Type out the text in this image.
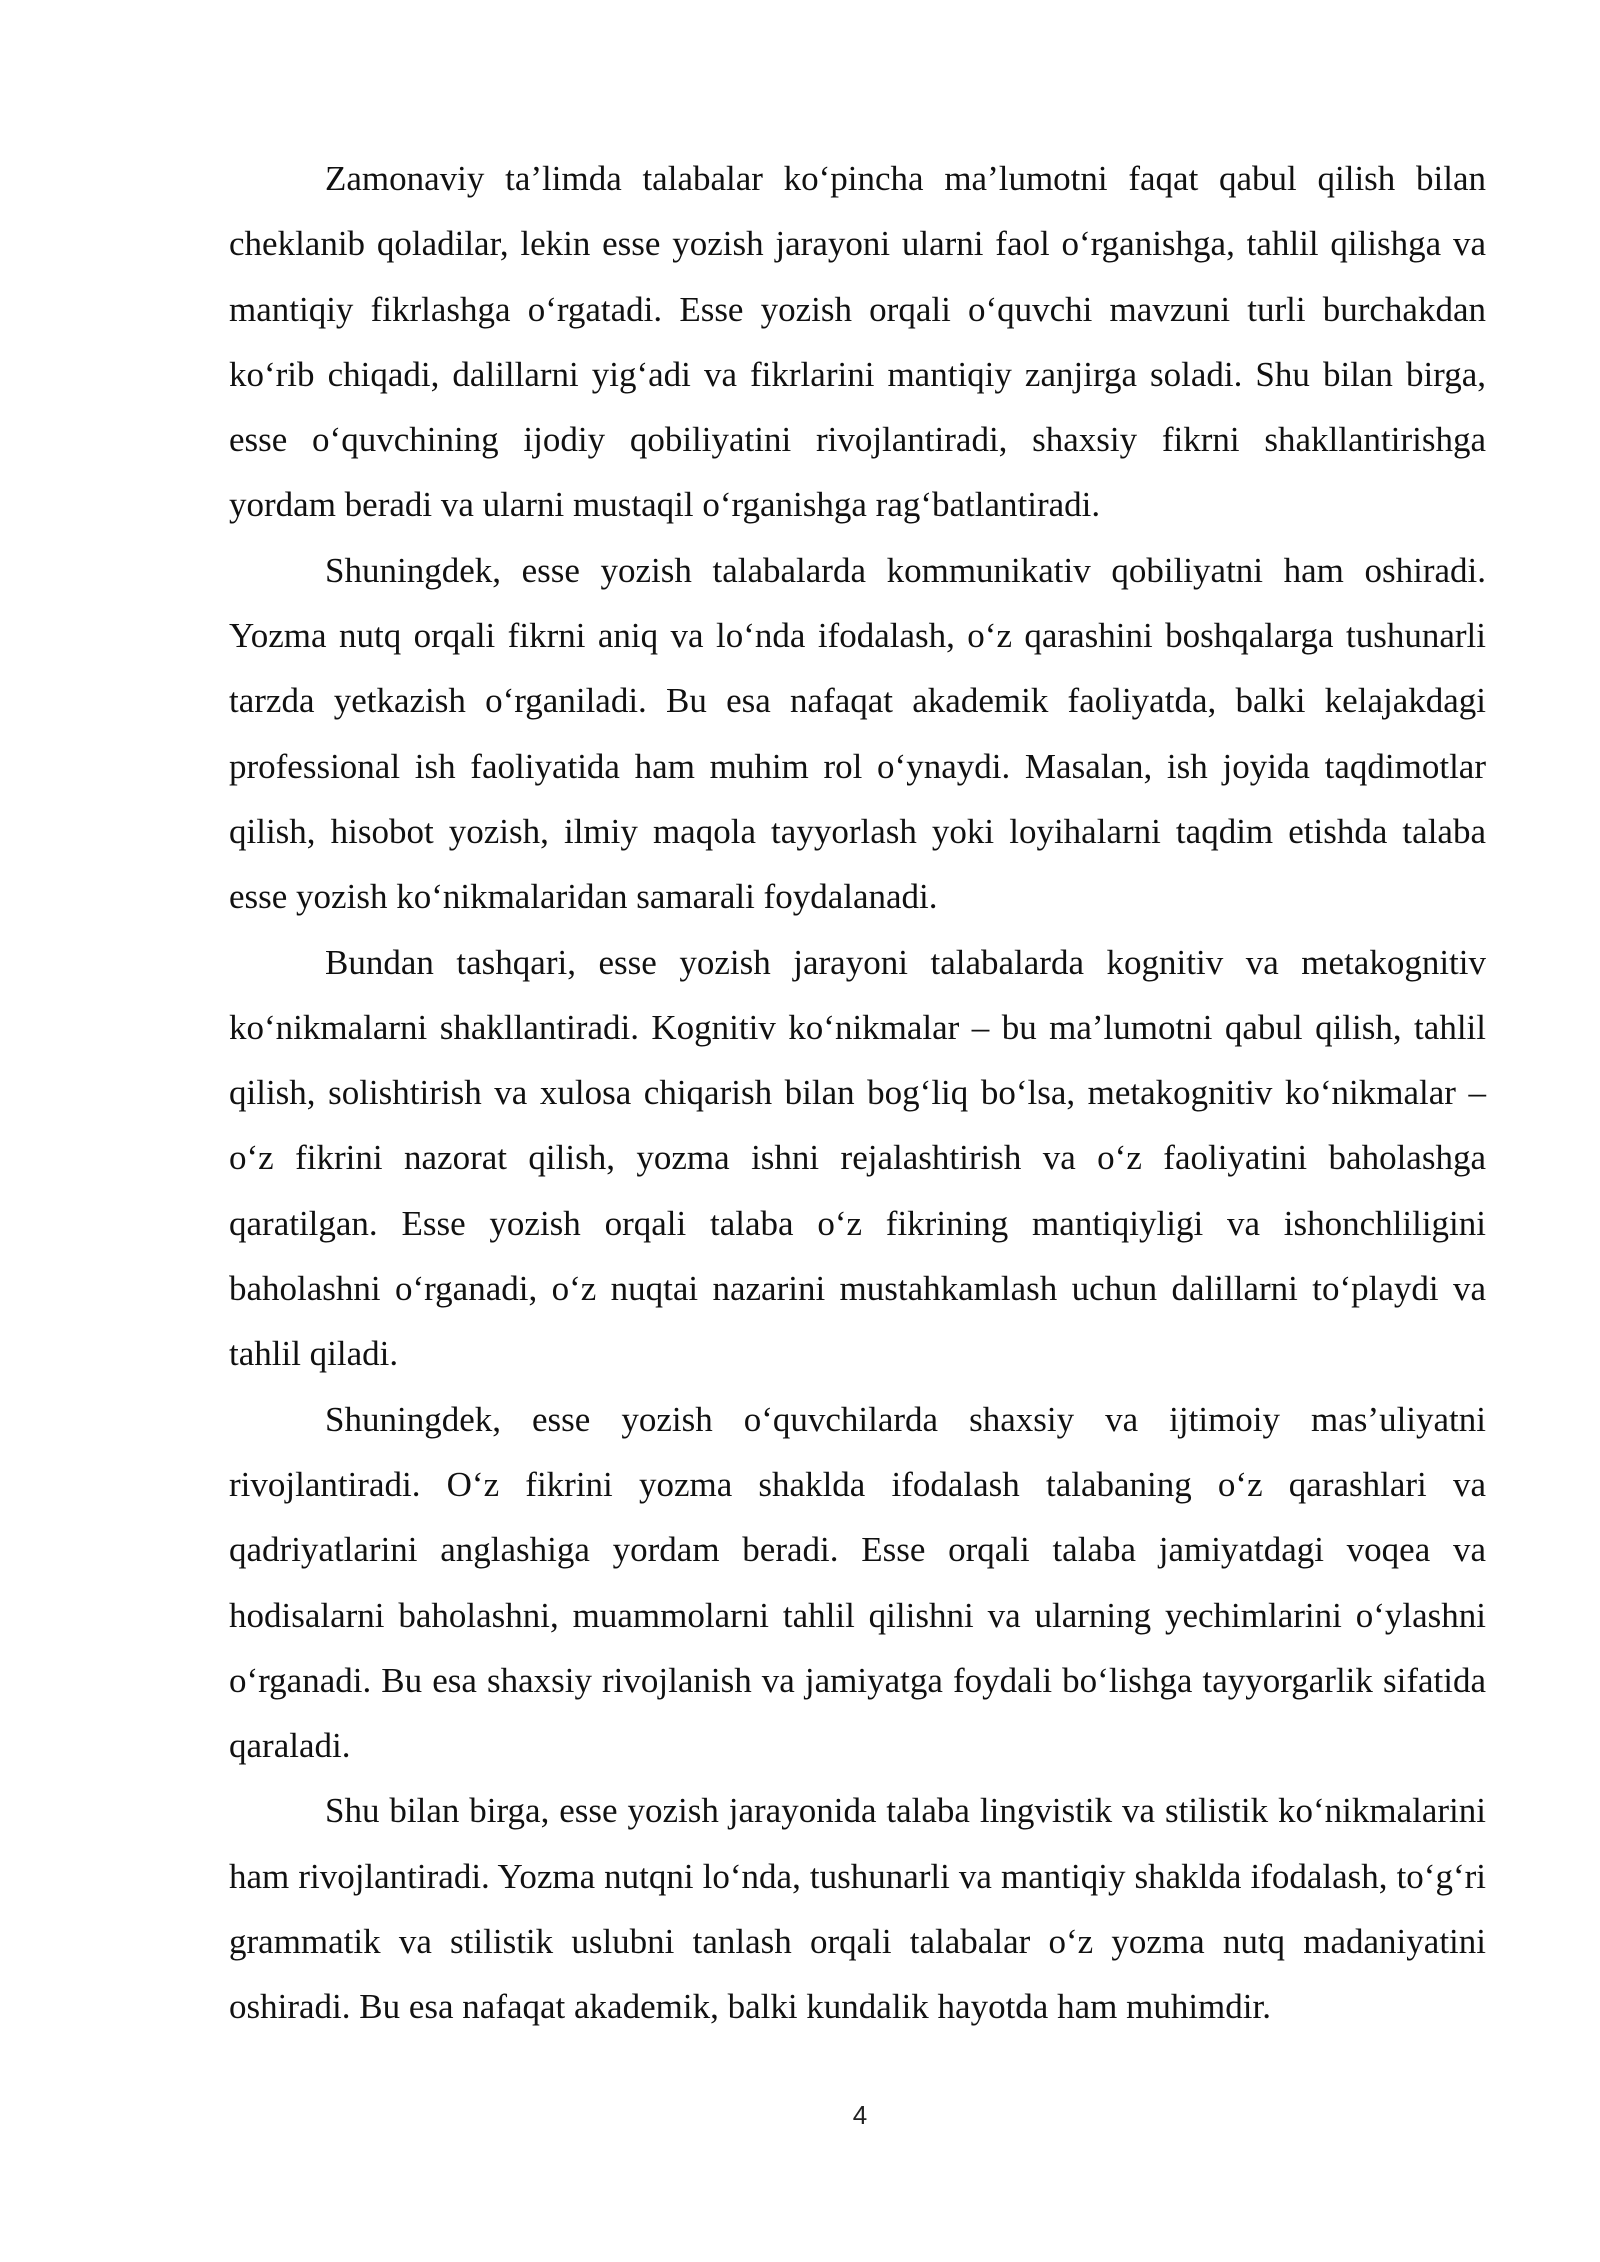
Zamonaviy ta’limda talabalar ko‘pincha ma’lumotni faqat qabul qilish bilan cheklanib qoladilar, lekin esse yozish jarayoni ularni faol o‘rganishga, tahlil qilishga va mantiqiy fikrlashga o‘rgatadi. Esse yozish orqali o‘quvchi mavzuni turli burchakdan ko‘rib chiqadi, dalillarni yig‘adi va fikrlarini mantiqiy zanjirga soladi. Shu bilan birga, esse o‘quvchining ijodiy qobiliyatini rivojlantiradi, shaxsiy fikrni shakllantirishga yordam beradi va ularni mustaqil o‘rganishga rag‘batlantiradi.

Shuningdek, esse yozish talabalarda kommunikativ qobiliyatni ham oshiradi. Yozma nutq orqali fikrni aniq va lo‘nda ifodalash, o‘z qarashini boshqalarga tushunarli tarzda yetkazish o‘rganiladi. Bu esa nafaqat akademik faoliyatda, balki kelajakdagi professional ish faoliyatida ham muhim rol o‘ynaydi. Masalan, ish joyida taqdimotlar qilish, hisobot yozish, ilmiy maqola tayyorlash yoki loyihalarni taqdim etishda talaba esse yozish ko‘nikmalaridan samarali foydalanadi.

Bundan tashqari, esse yozish jarayoni talabalarda kognitiv va metakognitiv ko‘nikmalarni shakllantiradi. Kognitiv ko‘nikmalar – bu ma’lumotni qabul qilish, tahlil qilish, solishtirish va xulosa chiqarish bilan bog‘liq bo‘lsa, metakognitiv ko‘nikmalar – o‘z fikrini nazorat qilish, yozma ishni rejalashtirish va o‘z faoliyatini baholashga qaratilgan. Esse yozish orqali talaba o‘z fikrining mantiqiyligi va ishonchliligini baholashni o‘rganadi, o‘z nuqtai nazarini mustahkamlash uchun dalillarni to‘playdi va tahlil qiladi.

Shuningdek, esse yozish o‘quvchilarda shaxsiy va ijtimoiy mas’uliyatni rivojlantiradi. O‘z fikrini yozma shaklda ifodalash talabaning o‘z qarashlari va qadriyatlarini anglashiga yordam beradi. Esse orqali talaba jamiyatdagi voqea va hodisalarni baholashni, muammolarni tahlil qilishni va ularning yechimlarini o‘ylashni o‘rganadi. Bu esa shaxsiy rivojlanish va jamiyatga foydali bo‘lishga tayyorgarlik sifatida qaraladi.

Shu bilan birga, esse yozish jarayonida talaba lingvistik va stilistik ko‘nikmalarini ham rivojlantiradi. Yozma nutqni lo‘nda, tushunarli va mantiqiy shaklda ifodalash, to‘g‘ri grammatik va stilistik uslubni tanlash orqali talabalar o‘z yozma nutq madaniyatini oshiradi. Bu esa nafaqat akademik, balki kundalik hayotda ham muhimdir.

4
